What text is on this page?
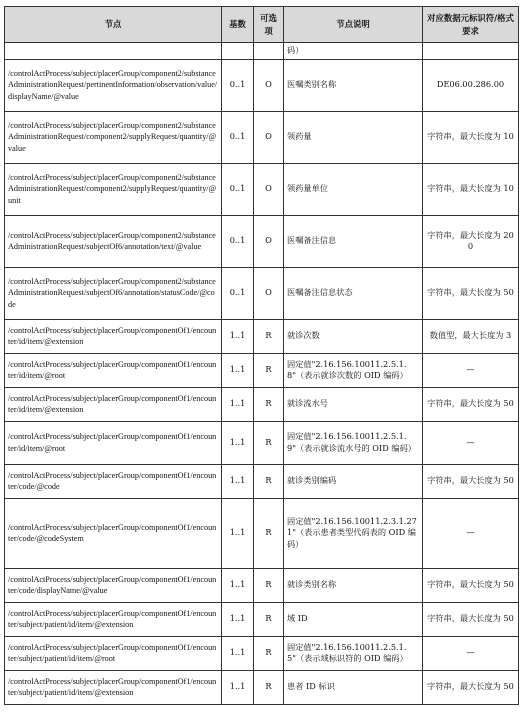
节点	基数	可选项	节点说明	对应数据元标识符/格式要求
			码）	
/controlActProcess/subject/placerGroup/component2/substanceAdministrationRequest/pertinentInformation/observation/value/displayName/@value	0..1	O	医嘱类别名称	DE06.00.286.00
/controlActProcess/subject/placerGroup/component2/substanceAdministrationRequest/component2/supplyRequest/quantity/@value	0..1	O	领药量	字符串，最大长度为 10
/controlActProcess/subject/placerGroup/component2/substanceAdministrationRequest/component2/supplyRequest/quantity/@unit	0..1	O	领药量单位	字符串，最大长度为 10
/controlActProcess/subject/placerGroup/component2/substanceAdministrationRequest/subjectOf6/annotation/text/@value	0..1	O	医嘱备注信息	字符串，最大长度为 200
/controlActProcess/subject/placerGroup/component2/substanceAdministrationRequest/subjectOf6/annotation/statusCode/@code	0..1	O	医嘱备注信息状态	字符串，最大长度为 50
/controlActProcess/subject/placerGroup/componentOf1/encounter/id/item/@extension	1..1	R	就诊次数	数值型，最大长度为 3
/controlActProcess/subject/placerGroup/componentOf1/encounter/id/item/@root	1..1	R	固定值"2.16.156.10011.2.5.1.8"（表示就诊次数的 OID 编码）	—
/controlActProcess/subject/placerGroup/componentOf1/encounter/id/item/@extension	1..1	R	就诊流水号	字符串，最大长度为 50
/controlActProcess/subject/placerGroup/componentOf1/encounter/id/item/@root	1..1	R	固定值"2.16.156.10011.2.5.1.9"（表示就诊流水号的 OID 编码）	—
/controlActProcess/subject/placerGroup/componentOf1/encounter/code/@code	1..1	R	就诊类别编码	字符串，最大长度为 50
/controlActProcess/subject/placerGroup/componentOf1/encounter/code/@codeSystem	1..1	R	固定值"2.16.156.10011.2.3.1.271"（表示患者类型代码表的 OID 编码）	—
/controlActProcess/subject/placerGroup/componentOf1/encounter/code/displayName/@value	1..1	R	就诊类别名称	字符串，最大长度为 50
/controlActProcess/subject/placerGroup/componentOf1/encounter/subject/patient/id/item/@extension	1..1	R	域 ID	字符串，最大长度为 50
/controlActProcess/subject/placerGroup/componentOf1/encounter/subject/patient/id/item/@root	1..1	R	固定值"2.16.156.10011.2.5.1.5"（表示域标识符的 OID 编码）	—
/controlActProcess/subject/placerGroup/componentOf1/encounter/subject/patient/id/item/@extension	1..1	R	患者 ID 标识	字符串，最大长度为 50
